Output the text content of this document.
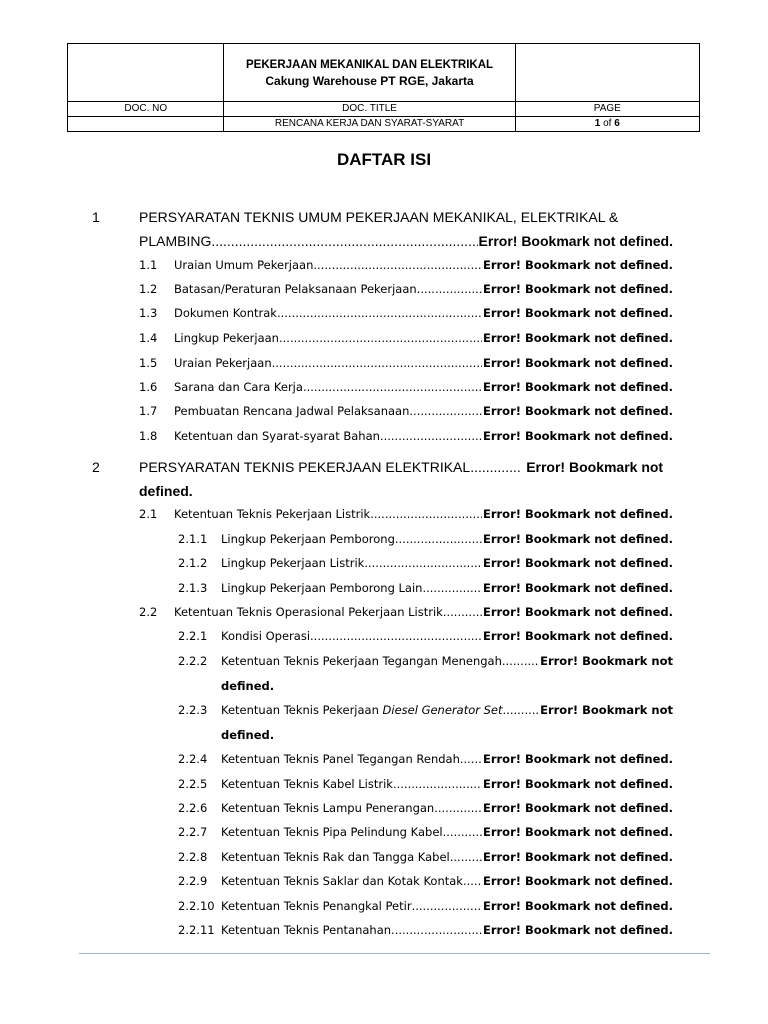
	PEKERJAAN MEKANIKAL DAN ELEKTRIKAL
Cakung Warehouse PT RGE, Jakarta	

DOC. NO	DOC. TITLE	PAGE
	RENCANA KERJA DAN SYARAT-SYARAT	1 of 6
DAFTAR ISI
1	PERSYARATAN TEKNIS UMUM PEKERJAAN MEKANIKAL, ELEKTRIKAL &
PLAMBING .....	Error! Bookmark not defined.
1.1 Uraian Umum Pekerjaan .....	Error! Bookmark not defined.
1.2 Batasan/Peraturan Pelaksanaan Pekerjaan .....	Error! Bookmark not defined.
1.3 Dokumen Kontrak .....	Error! Bookmark not defined.
1.4 Lingkup Pekerjaan .....	Error! Bookmark not defined.
1.5 Uraian Pekerjaan .....	Error! Bookmark not defined.
1.6 Sarana dan Cara Kerja .....	Error! Bookmark not defined.
1.7 Pembuatan Rencana Jadwal Pelaksanaan .....	Error! Bookmark not defined.
1.8 Ketentuan dan Syarat-syarat Bahan .....	Error! Bookmark not defined.
2	PERSYARATAN TEKNIS PEKERJAAN ELEKTRIKAL .....	Error! Bookmark not
defined.
2.1 Ketentuan Teknis Pekerjaan Listrik .....	Error! Bookmark not defined.
2.1.1 Lingkup Pekerjaan Pemborong .....	Error! Bookmark not defined.
2.1.2 Lingkup Pekerjaan Listrik .....	Error! Bookmark not defined.
2.1.3 Lingkup Pekerjaan Pemborong Lain .....	Error! Bookmark not defined.
2.2 Ketentuan Teknis Operasional Pekerjaan Listrik .....	Error! Bookmark not defined.
2.2.1 Kondisi Operasi .....	Error! Bookmark not defined.
2.2.2 Ketentuan Teknis Pekerjaan Tegangan Menengah .....	Error! Bookmark not
defined.
2.2.3 Ketentuan Teknis Pekerjaan
Diesel Generator Set .....	Error! Bookmark not
defined.
2.2.4 Ketentuan Teknis Panel Tegangan Rendah ..... Error! Bookmark not defined.
2.2.5 Ketentuan Teknis Kabel Listrik .....	Error! Bookmark not defined.
2.2.6 Ketentuan Teknis Lampu Penerangan .....	Error! Bookmark not defined.
2.2.7 Ketentuan Teknis Pipa Pelindung Kabel .....	Error! Bookmark not defined.
2.2.8 Ketentuan Teknis Rak dan Tangga Kabel .....	Error! Bookmark not defined.
2.2.9 Ketentuan Teknis Saklar dan Kotak Kontak ..... Error! Bookmark not defined.
2.2.10 Ketentuan Teknis Penangkal Petir .....	Error! Bookmark not defined.
2.2.11 Ketentuan Teknis Pentanahan .....	Error! Bookmark not defined.
